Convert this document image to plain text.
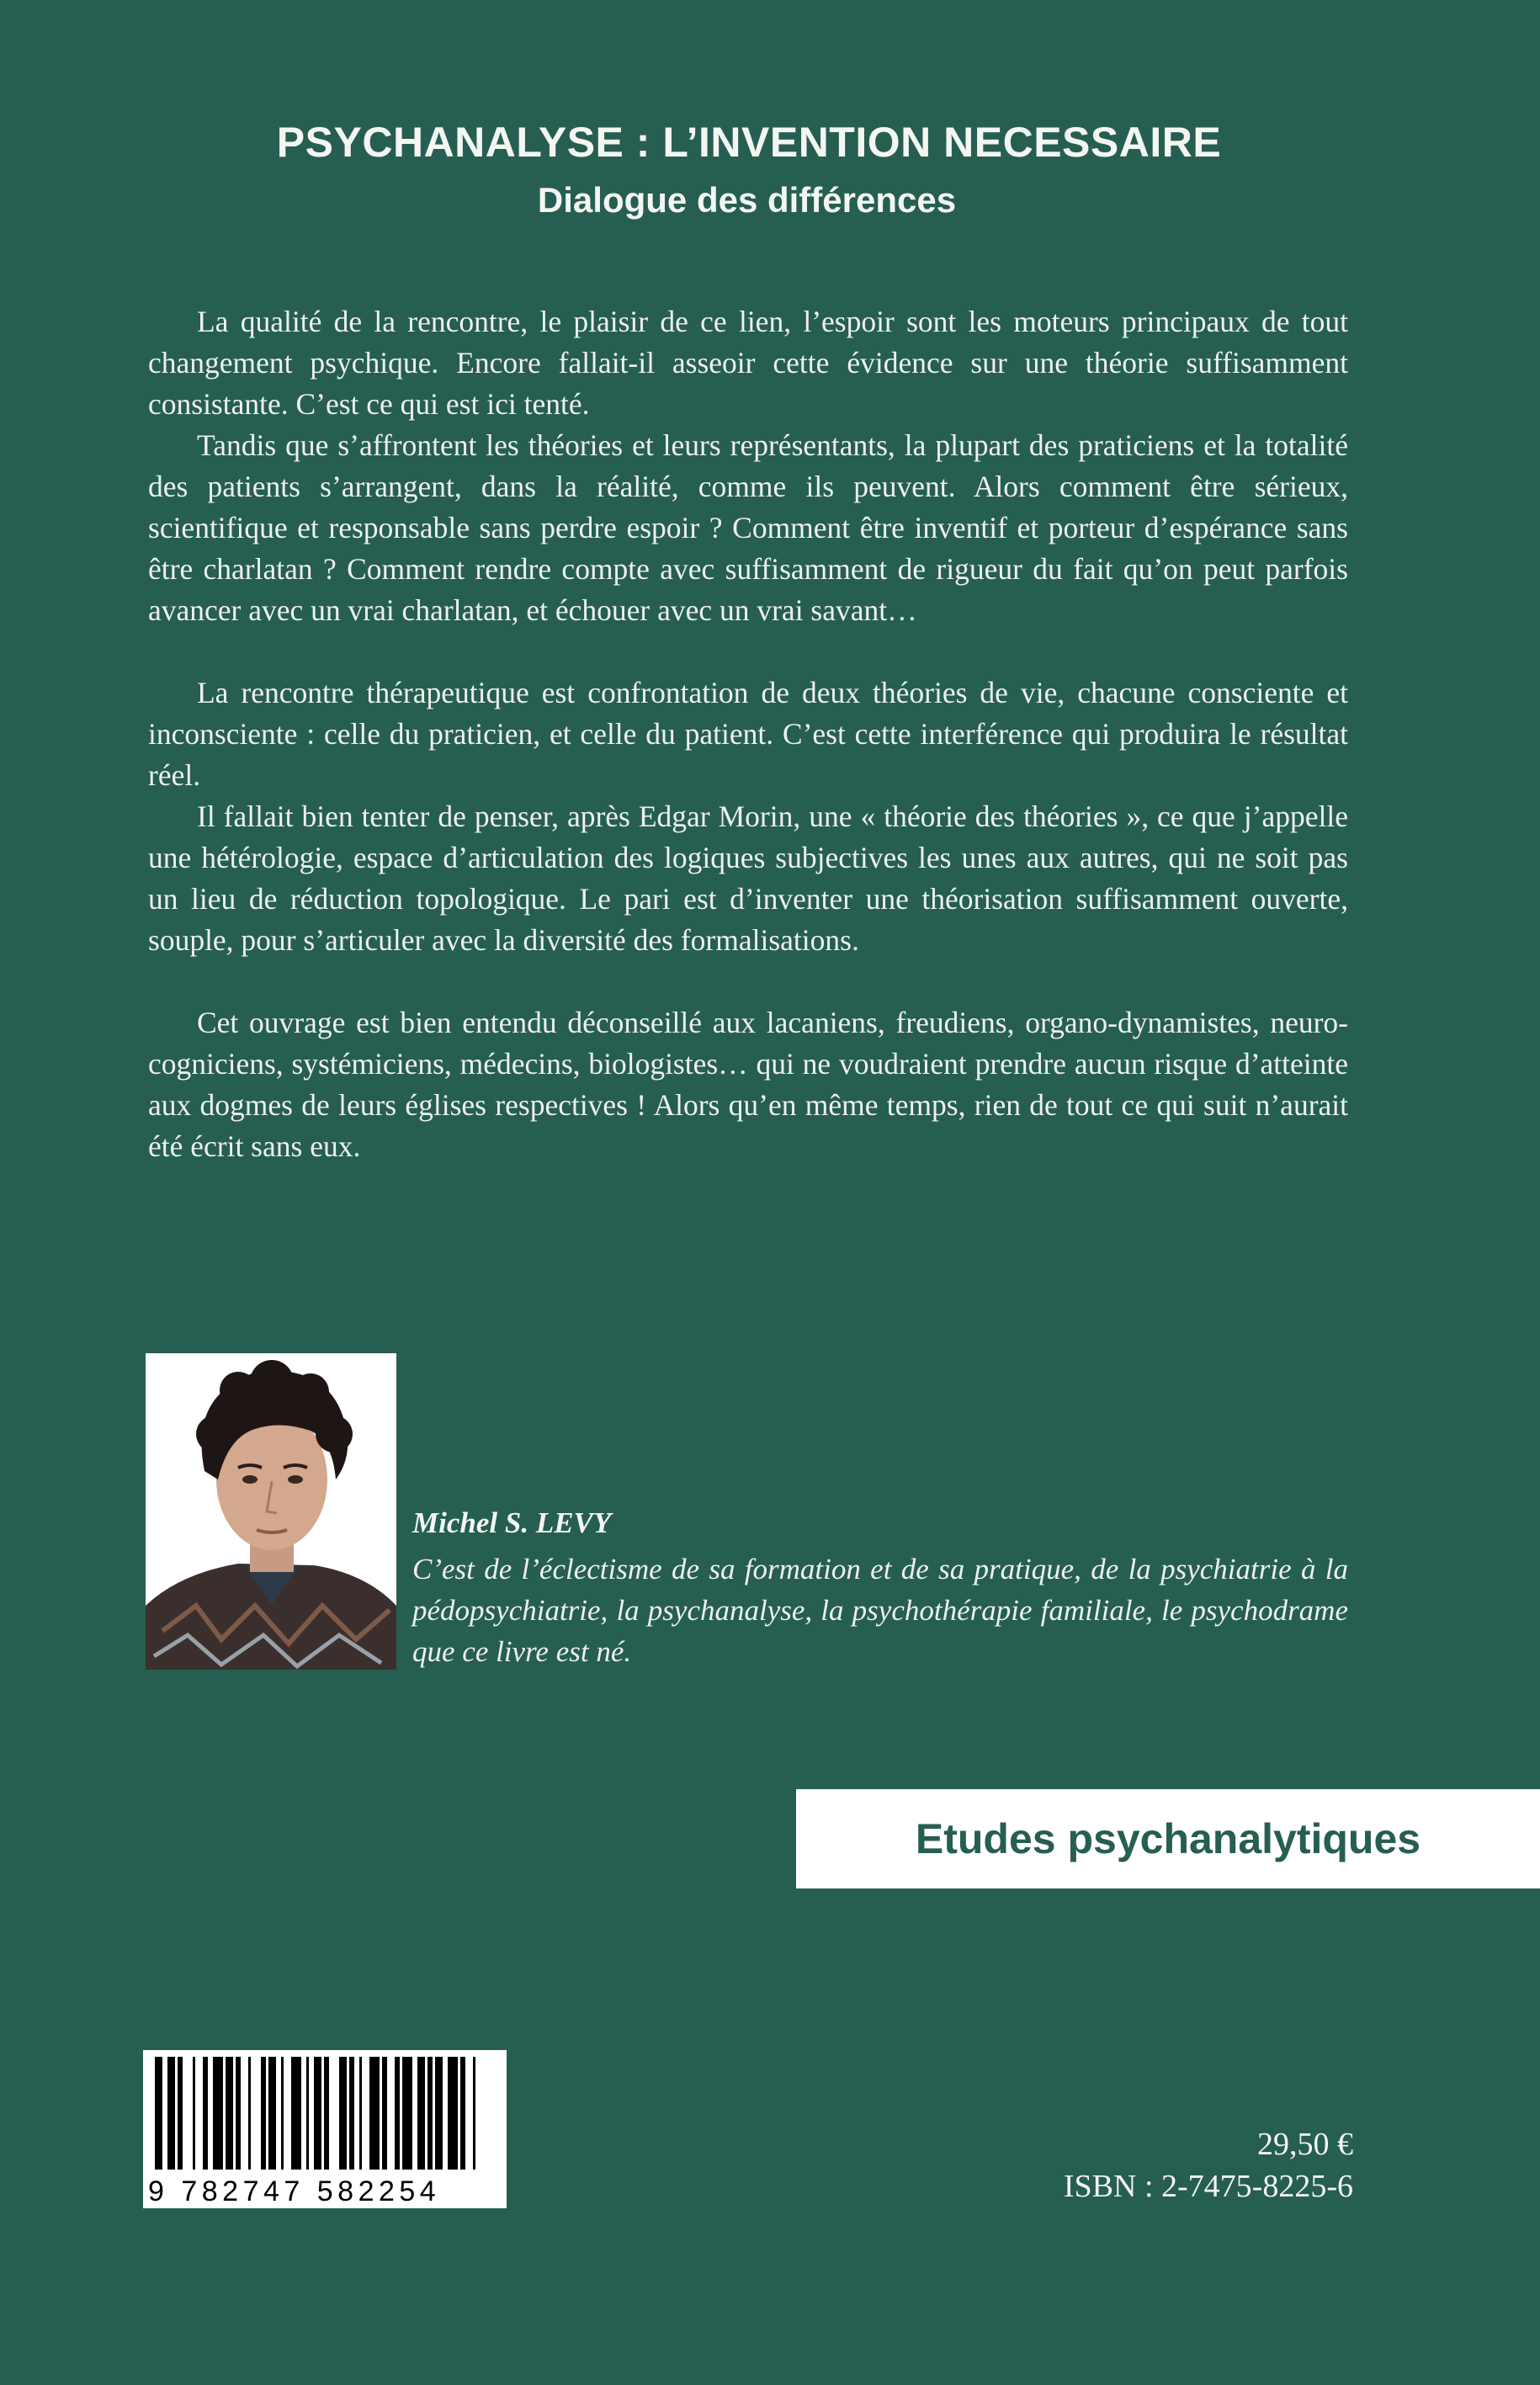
PSYCHANALYSE : L’INVENTION NECESSAIRE
Dialogue des différences

La qualité de la rencontre, le plaisir de ce lien, l’espoir sont les moteurs principaux de tout changement psychique. Encore fallait-il asseoir cette évidence sur une théorie suffisamment consistante. C’est ce qui est ici tenté.

Tandis que s’affrontent les théories et leurs représentants, la plupart des praticiens et la totalité des patients s’arrangent, dans la réalité, comme ils peuvent. Alors comment être sérieux, scientifique et responsable sans perdre espoir ? Comment être inventif et porteur d’espérance sans être charlatan ? Comment rendre compte avec suffisamment de rigueur du fait qu’on peut parfois avancer avec un vrai charlatan, et échouer avec un vrai savant…

La rencontre thérapeutique est confrontation de deux théories de vie, chacune consciente et inconsciente : celle du praticien, et celle du patient. C’est cette interférence qui produira le résultat réel.

Il fallait bien tenter de penser, après Edgar Morin, une « théorie des théories », ce que j’appelle une hétérologie, espace d’articulation des logiques subjectives les unes aux autres, qui ne soit pas un lieu de réduction topologique. Le pari est d’inventer une théorisation suffisamment ouverte, souple, pour s’articuler avec la diversité des formalisations.

Cet ouvrage est bien entendu déconseillé aux lacaniens, freudiens, organo-dynamistes, neuro-cogniciens, systémiciens, médecins, biologistes… qui ne voudraient prendre aucun risque d’atteinte aux dogmes de leurs églises respectives ! Alors qu’en même temps, rien de tout ce qui suit n’aurait été écrit sans eux.

Michel S. LEVY

C’est de l’éclectisme de sa formation et de sa pratique, de la psychiatrie à la pédopsychiatrie, la psychanalyse, la psychothérapie familiale, le psychodrame que ce livre est né.

Etudes psychanalytiques
9 782747 582254
29,50 €
ISBN : 2-7475-8225-6
